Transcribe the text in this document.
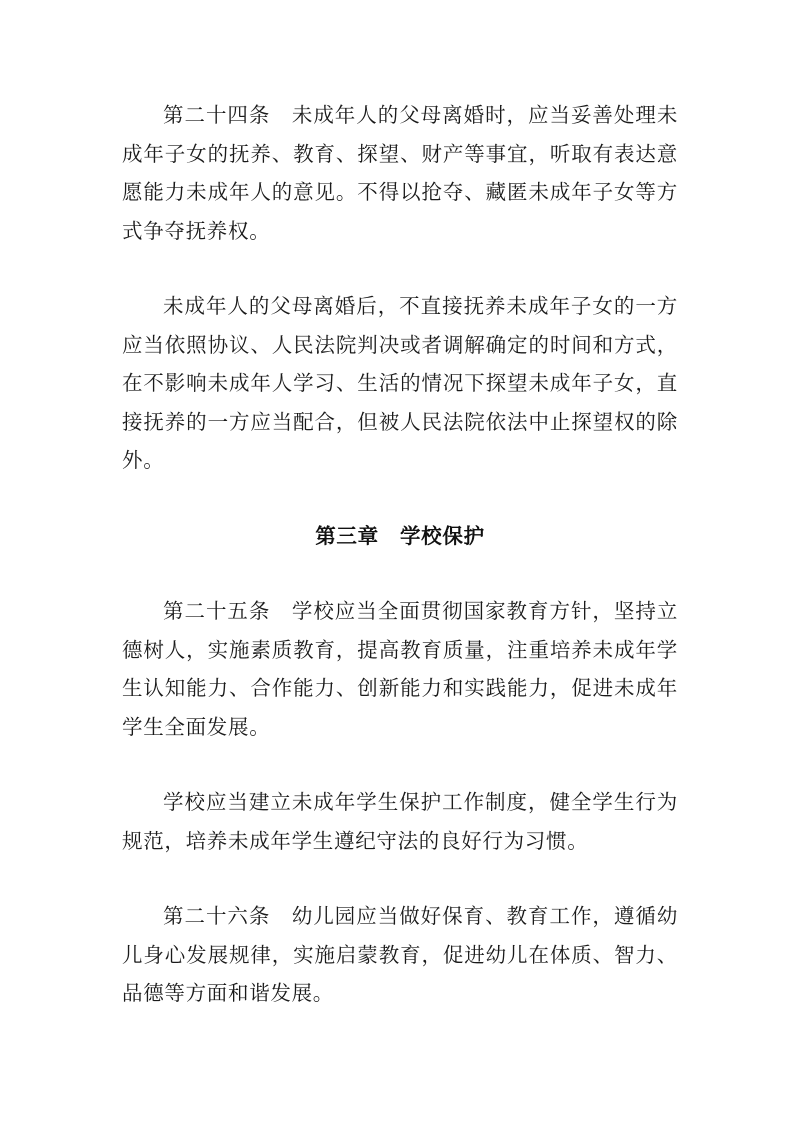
第二十四条　 未成年人的父母离婚时，应当妥善处理未成年子女的抚养、教育、探望、财产等事宜，听取有表达意愿能力未成年人的意见。不得以抢夺、藏匿未成年子女等方式争夺抚养权。

未成年人的父母离婚后，不直接抚养未成年子女的一方应当依照协议、人民法院判决或者调解确定的时间和方式，在不影响未成年人学习、生活的情况下探望未成年子女，直接抚养的一方应当配合，但被人民法院依法中止探望权的除外。

第三章　学校保护

第二十五条　 学校应当全面贯彻国家教育方针，坚持立德树人，实施素质教育，提高教育质量，注重培养未成年学生认知能力、合作能力、创新能力和实践能力，促进未成年学生全面发展。

学校应当建立未成年学生保护工作制度，健全学生行为规范，培养未成年学生遵纪守法的良好行为习惯。

第二十六条　 幼儿园应当做好保育、教育工作，遵循幼儿身心发展规律，实施启蒙教育，促进幼儿在体质、智力、品德等方面和谐发展。
